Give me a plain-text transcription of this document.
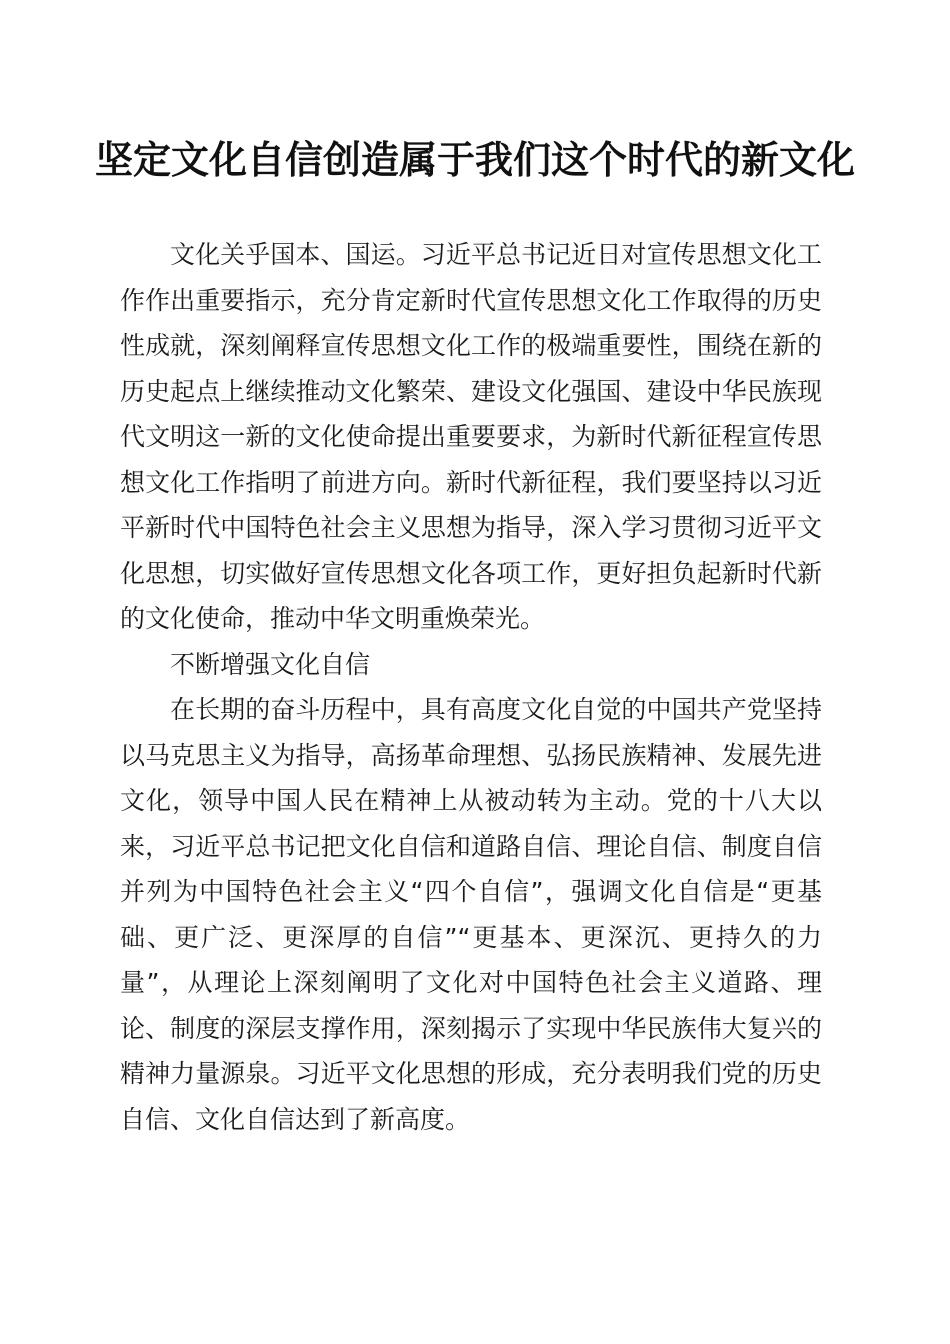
坚定文化自信创造属于我们这个时代的新文化

文化关乎国本、国运。习近平总书记近日对宣传思想文化工作作出重要指示，充分肯定新时代宣传思想文化工作取得的历史性成就，深刻阐释宣传思想文化工作的极端重要性，围绕在新的历史起点上继续推动文化繁荣、建设文化强国、建设中华民族现代文明这一新的文化使命提出重要要求，为新时代新征程宣传思想文化工作指明了前进方向。新时代新征程，我们要坚持以习近平新时代中国特色社会主义思想为指导，深入学习贯彻习近平文化思想，切实做好宣传思想文化各项工作，更好担负起新时代新的文化使命，推动中华文明重焕荣光。

不断增强文化自信

在长期的奋斗历程中，具有高度文化自觉的中国共产党坚持以马克思主义为指导，高扬革命理想、弘扬民族精神、发展先进文化，领导中国人民在精神上从被动转为主动。党的十八大以来，习近平总书记把文化自信和道路自信、理论自信、制度自信并列为中国特色社会主义“四个自信”，强调文化自信是“更基础、更广泛、更深厚的自信”“更基本、更深沉、更持久的力量”，从理论上深刻阐明了文化对中国特色社会主义道路、理论、制度的深层支撑作用，深刻揭示了实现中华民族伟大复兴的精神力量源泉。习近平文化思想的形成，充分表明我们党的历史自信、文化自信达到了新高度。
